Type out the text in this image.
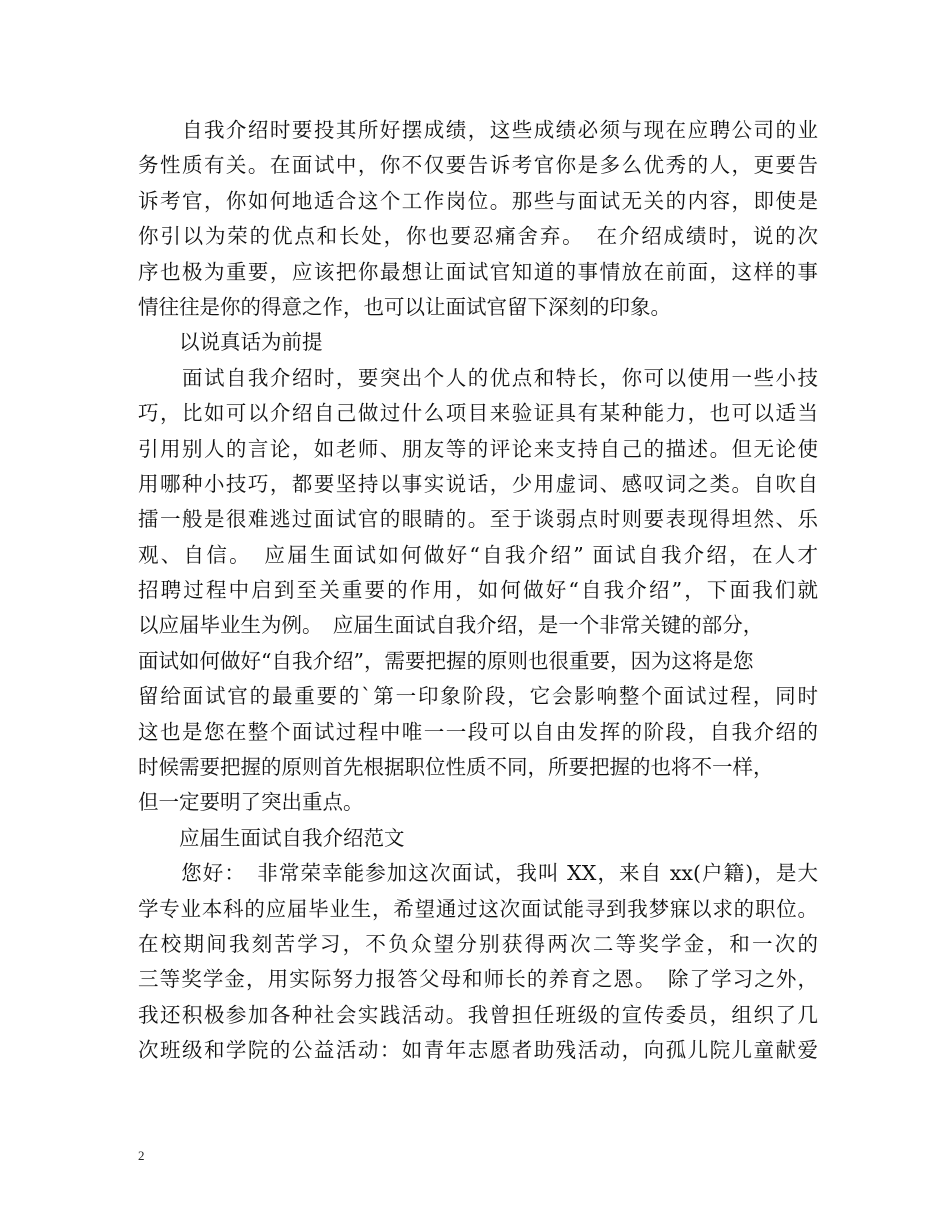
　　自我介绍时要投其所好摆成绩，这些成绩必须与现在应聘公司的业
务性质有关。在面试中，你不仅要告诉考官你是多么优秀的人，更要告
诉考官，你如何地适合这个工作岗位。那些与面试无关的内容，即使是
你引以为荣的优点和长处，你也要忍痛舍弃。　在介绍成绩时，说的次
序也极为重要，应该把你最想让面试官知道的事情放在前面，这样的事
情往往是你的得意之作，也可以让面试官留下深刻的印象。
　　以说真话为前提
　　面试自我介绍时，要突出个人的优点和特长，你可以使用一些小技
巧，比如可以介绍自己做过什么项目来验证具有某种能力，也可以适当
引用别人的言论，如老师、朋友等的评论来支持自己的描述。但无论使
用哪种小技巧，都要坚持以事实说话，少用虚词、感叹词之类。自吹自
擂一般是很难逃过面试官的眼睛的。至于谈弱点时则要表现得坦然、乐
观、自信。　应届生面试如何做好“自我介绍” 面试自我介绍，在人才
招聘过程中启到至关重要的作用，如何做好“自我介绍”，下面我们就
以应届毕业生为例。　应届生面试自我介绍，是一个非常关键的部分，
面试如何做好“自我介绍”，需要把握的原则也很重要，因为这将是您
留给面试官的最重要的`第一印象阶段，它会影响整个面试过程，同时
这也是您在整个面试过程中唯一一段可以自由发挥的阶段，自我介绍的
时候需要把握的原则首先根据职位性质不同，所要把握的也将不一样，
但一定要明了突出重点。
　　应届生面试自我介绍范文
　　您好：　非常荣幸能参加这次面试，我叫 XX，来自 xx(户籍)，是大
学专业本科的应届毕业生，希望通过这次面试能寻到我梦寐以求的职位。
在校期间我刻苦学习，不负众望分别获得两次二等奖学金，和一次的
三等奖学金，用实际努力报答父母和师长的养育之恩。　除了学习之外，
我还积极参加各种社会实践活动。我曾担任班级的宣传委员，组织了几
次班级和学院的公益活动：如青年志愿者助残活动，向孤儿院儿童献爱
2
